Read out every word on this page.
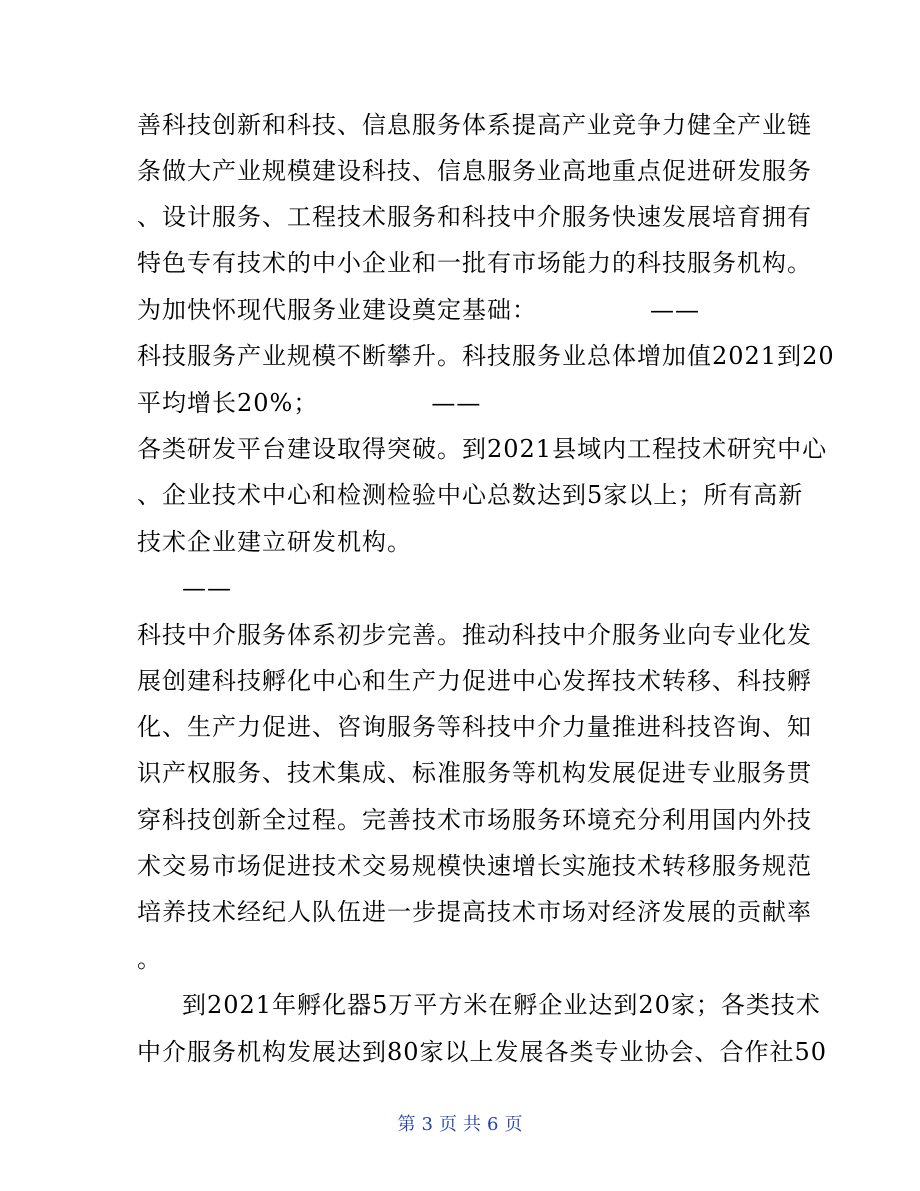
善科技创新和科技、信息服务体系提高产业竞争力健全产业链
条做大产业规模建设科技、信息服务业高地重点促进研发服务
、设计服务、工程技术服务和科技中介服务快速发展培育拥有
特色专有技术的中小企业和一批有市场能力的科技服务机构。
为加快怀现代服务业建设奠定基础：　　　　　——
科技服务产业规模不断攀升。科技服务业总体增加值2021到20
平均增长20%；　　　　　——
各类研发平台建设取得突破。到2021县域内工程技术研究中心
、企业技术中心和检测检验中心总数达到5家以上；所有高新
技术企业建立研发机构。
——
科技中介服务体系初步完善。推动科技中介服务业向专业化发
展创建科技孵化中心和生产力促进中心发挥技术转移、科技孵
化、生产力促进、咨询服务等科技中介力量推进科技咨询、知
识产权服务、技术集成、标准服务等机构发展促进专业服务贯
穿科技创新全过程。完善技术市场服务环境充分利用国内外技
术交易市场促进技术交易规模快速增长实施技术转移服务规范
培养技术经纪人队伍进一步提高技术市场对经济发展的贡献率
。
到2021年孵化器5万平方米在孵企业达到20家；各类技术
中介服务机构发展达到80家以上发展各类专业协会、合作社50
第 3 页 共 6 页
